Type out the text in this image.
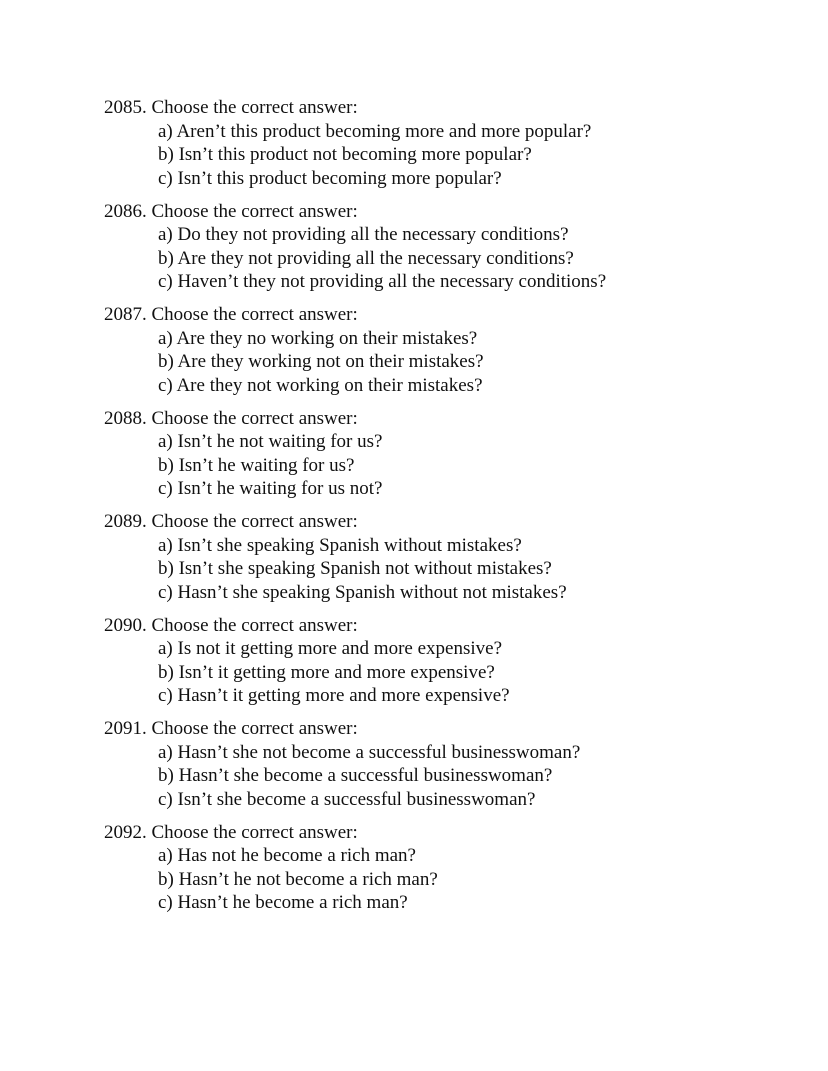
2085. Choose the correct answer:
a) Aren’t this product becoming more and more popular?
b) Isn’t this product not becoming more popular?
c) Isn’t this product becoming more popular?
2086. Choose the correct answer:
a) Do they not providing all the necessary conditions?
b) Are they not providing all the necessary conditions?
c) Haven’t they not providing all the necessary conditions?
2087. Choose the correct answer:
a) Are they no working on their mistakes?
b) Are they working not on their mistakes?
c) Are they not working on their mistakes?
2088. Choose the correct answer:
a) Isn’t he not waiting for us?
b) Isn’t he waiting for us?
c) Isn’t he waiting for us not?
2089. Choose the correct answer:
a) Isn’t she speaking Spanish without mistakes?
b) Isn’t she speaking Spanish not without mistakes?
c) Hasn’t she speaking Spanish without not mistakes?
2090. Choose the correct answer:
a) Is not it getting more and more expensive?
b) Isn’t it getting more and more expensive?
c) Hasn’t it getting more and more expensive?
2091. Choose the correct answer:
a) Hasn’t she not become a successful businesswoman?
b) Hasn’t she become a successful businesswoman?
c) Isn’t she become a successful businesswoman?
2092. Choose the correct answer:
a) Has not he become a rich man?
b) Hasn’t he not become a rich man?
c) Hasn’t he become a rich man?
